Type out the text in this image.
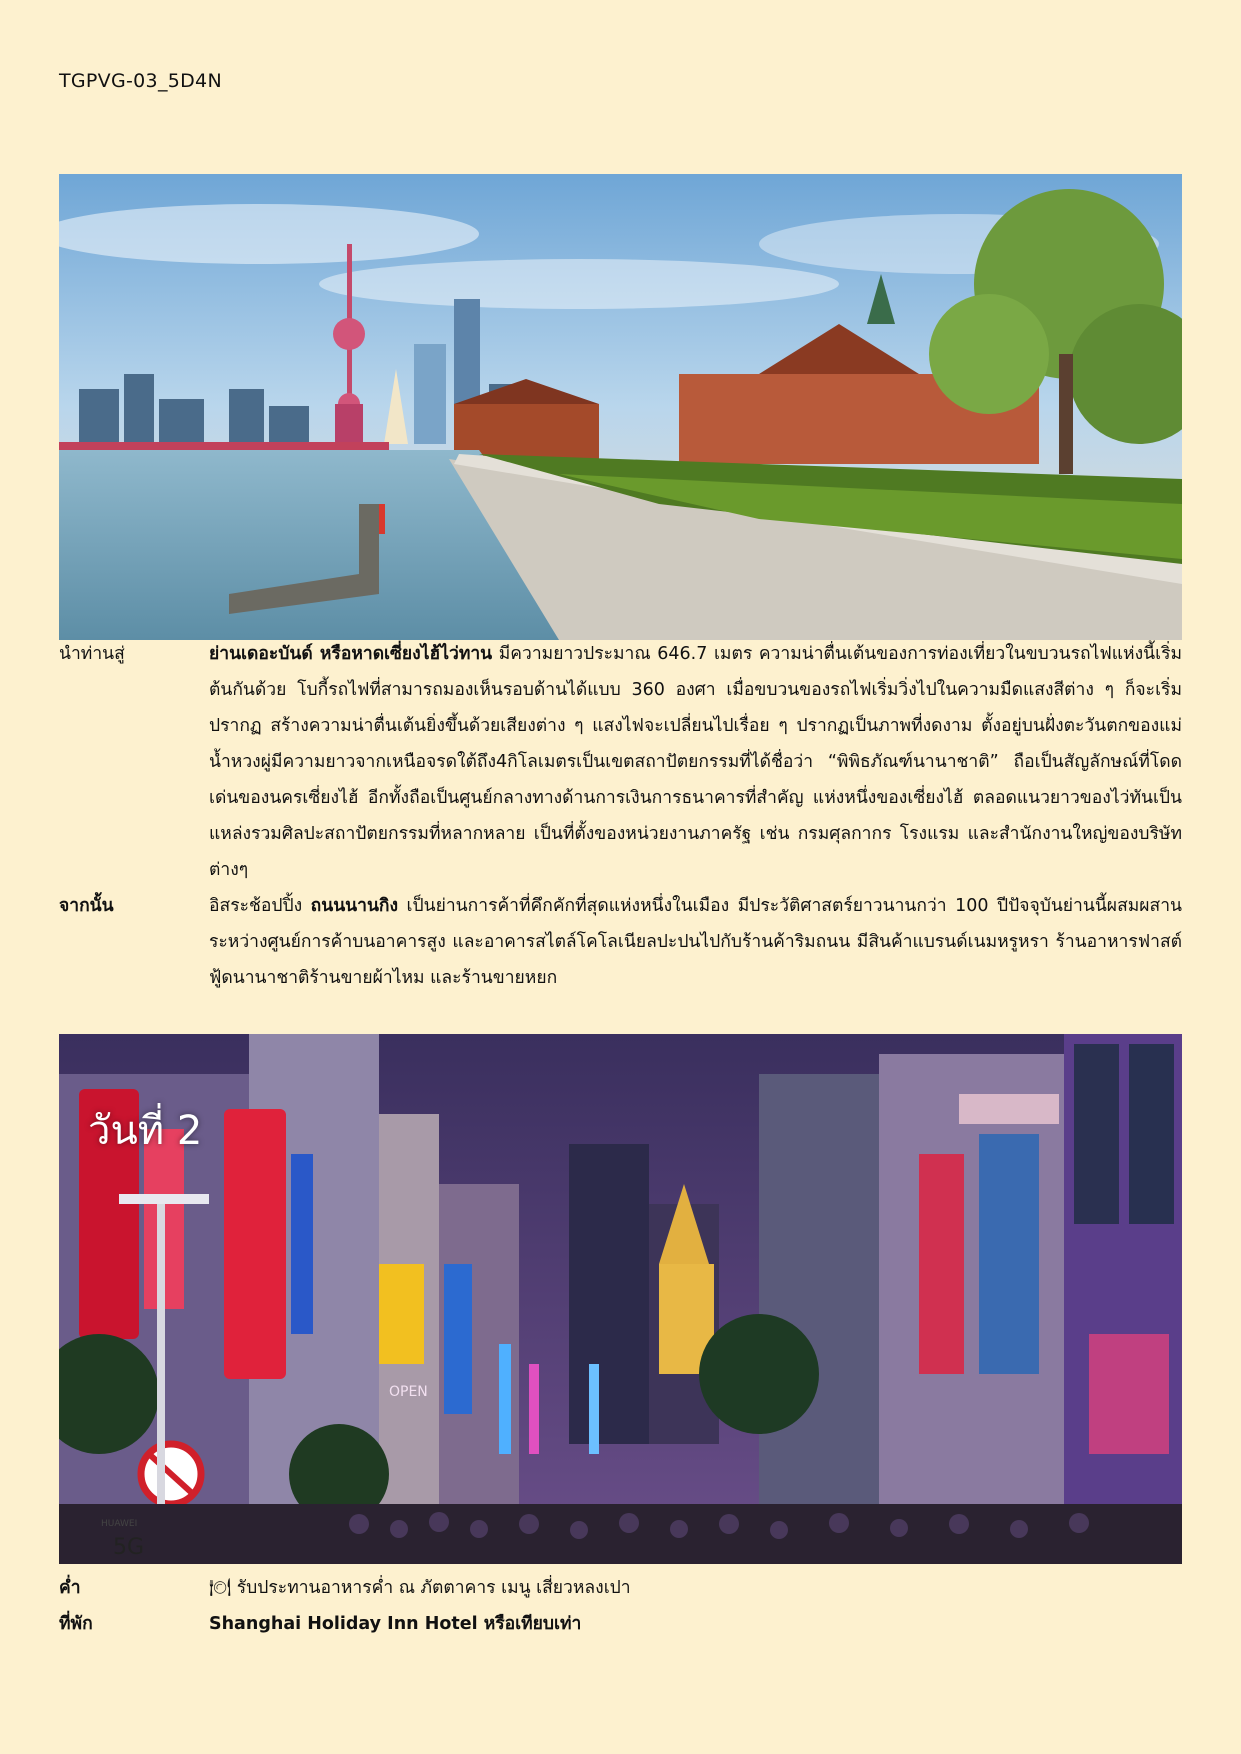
TGPVG-03_5D4N
นำท่านสู่	ย่านเดอะบันด์ หรือหาดเซี่ยงไฮ้ไว่ทาน มีความยาวประมาณ 646.7 เมตร ความน่าตื่นเต้นของการท่องเที่ยวในขบวนรถไฟแห่งนี้เริ่มต้นกันด้วย โบกี้รถไฟที่สามารถมองเห็นรอบด้านได้แบบ 360 องศา เมื่อขบวนของรถไฟเริ่มวิ่งไปในความมืดแสงสีต่าง ๆ ก็จะเริ่มปรากฏ สร้างความน่าตื่นเต้นยิ่งขึ้นด้วยเสียงต่าง ๆ แสงไฟจะเปลี่ยนไปเรื่อย ๆ ปรากฏเป็นภาพที่งดงาม ตั้งอยู่บนฝั่งตะวันตกของแม่น้ำหวงผู่มีความยาวจากเหนือจรดใต้ถึง4กิโลเมตรเป็นเขตสถาปัตยกรรมที่ได้ชื่อว่า “พิพิธภัณฑ์นานาชาติ” ถือเป็นสัญลักษณ์ที่โดดเด่นของนครเซี่ยงไฮ้ อีกทั้งถือเป็นศูนย์กลางทางด้านการเงินการธนาคารที่สำคัญ แห่งหนึ่งของเซี่ยงไฮ้ ตลอดแนวยาวของไว่ทันเป็นแหล่งรวมศิลปะสถาปัตยกรรมที่หลากหลาย เป็นที่ตั้งของหน่วยงานภาครัฐ เช่น กรมศุลกากร โรงแรม และสำนักงานใหญ่ของบริษัทต่างๆ
จากนั้น	อิสระช้อปปิ้ง ถนนนานกิง เป็นย่านการค้าที่คึกคักที่สุดแห่งหนึ่งในเมือง มีประวัติศาสตร์ยาวนานกว่า 100 ปีปัจจุบันย่านนี้ผสมผสานระหว่างศูนย์การค้าบนอาคารสูง และอาคารสไตล์โคโลเนียลปะปนไปกับร้านค้าริมถนน มีสินค้าแบรนด์เนมหรูหรา ร้านอาหารฟาสต์ฟู้ดนานาชาติร้านขายผ้าไหม และร้านขายหยก
OPEN
HUAWEI
5G
วันที่ 2
ค่ำ	🍽 รับประทานอาหารค่ำ ณ ภัตตาคาร เมนู เสี่ยวหลงเปา
ที่พัก	Shanghai Holiday Inn Hotel หรือเทียบเท่า
